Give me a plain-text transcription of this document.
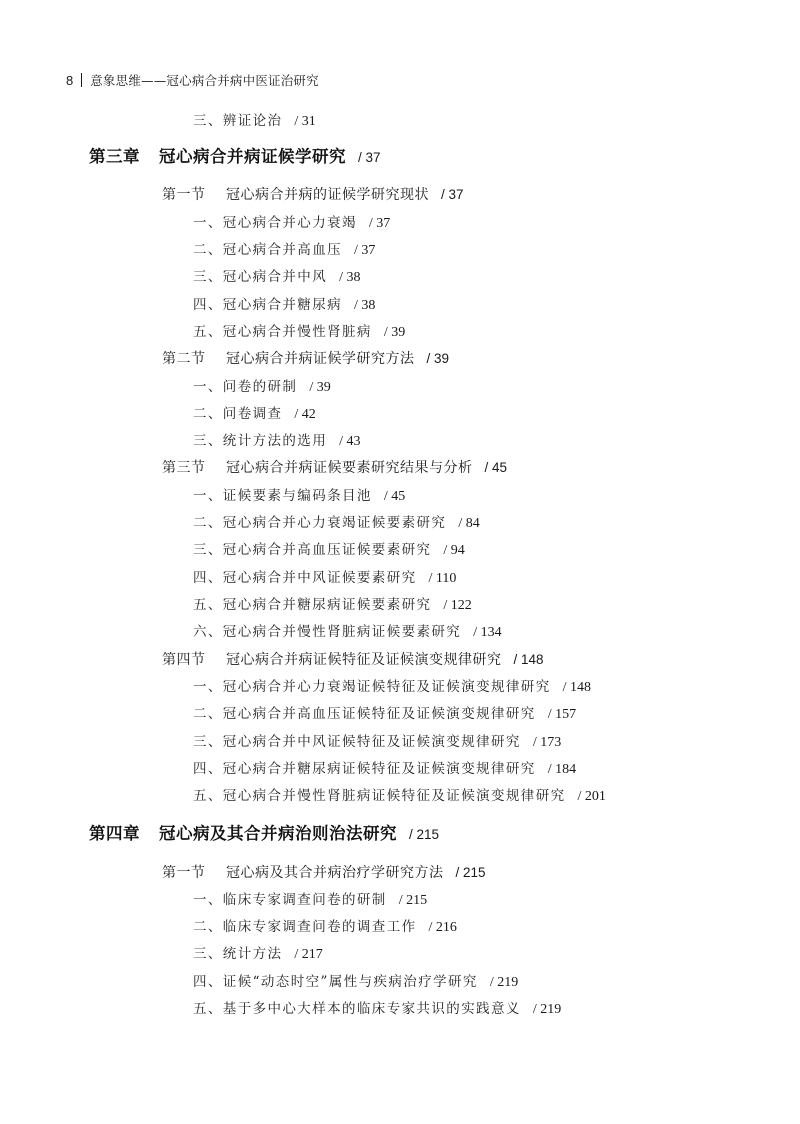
8 意象思维——冠心病合并病中医证治研究
三、辨证论治 / 31
第三章 冠心病合并病证候学研究 / 37
第一节 冠心病合并病的证候学研究现状 / 37
一、冠心病合并心力衰竭 / 37
二、冠心病合并高血压 / 37
三、冠心病合并中风 / 38
四、冠心病合并糖尿病 / 38
五、冠心病合并慢性肾脏病 / 39
第二节 冠心病合并病证候学研究方法 / 39
一、问卷的研制 / 39
二、问卷调查 / 42
三、统计方法的选用 / 43
第三节 冠心病合并病证候要素研究结果与分析 / 45
一、证候要素与编码条目池 / 45
二、冠心病合并心力衰竭证候要素研究 / 84
三、冠心病合并高血压证候要素研究 / 94
四、冠心病合并中风证候要素研究 / 110
五、冠心病合并糖尿病证候要素研究 / 122
六、冠心病合并慢性肾脏病证候要素研究 / 134
第四节 冠心病合并病证候特征及证候演变规律研究 / 148
一、冠心病合并心力衰竭证候特征及证候演变规律研究 / 148
二、冠心病合并高血压证候特征及证候演变规律研究 / 157
三、冠心病合并中风证候特征及证候演变规律研究 / 173
四、冠心病合并糖尿病证候特征及证候演变规律研究 / 184
五、冠心病合并慢性肾脏病证候特征及证候演变规律研究 / 201
第四章 冠心病及其合并病治则治法研究 / 215
第一节 冠心病及其合并病治疗学研究方法 / 215
一、临床专家调查问卷的研制 / 215
二、临床专家调查问卷的调查工作 / 216
三、统计方法 / 217
四、证候“动态时空”属性与疾病治疗学研究 / 219
五、基于多中心大样本的临床专家共识的实践意义 / 219
